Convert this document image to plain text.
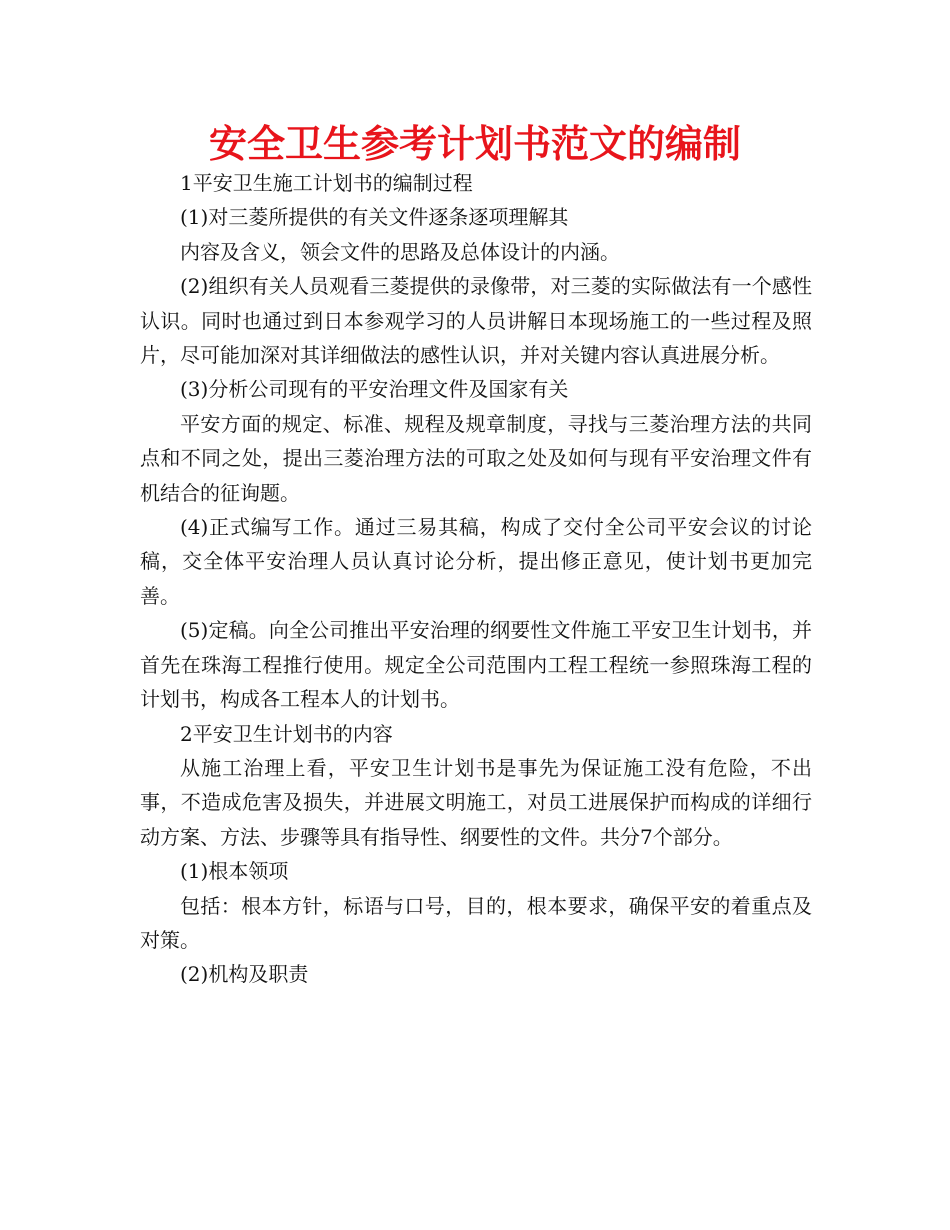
安全卫生参考计划书范文的编制

1平安卫生施工计划书的编制过程

(1)对三菱所提供的有关文件逐条逐项理解其

内容及含义，领会文件的思路及总体设计的内涵。

(2)组织有关人员观看三菱提供的录像带，对三菱的实际做法有一个感性认识。同时也通过到日本参观学习的人员讲解日本现场施工的一些过程及照片，尽可能加深对其详细做法的感性认识，并对关键内容认真进展分析。

(3)分析公司现有的平安治理文件及国家有关

平安方面的规定、标准、规程及规章制度，寻找与三菱治理方法的共同点和不同之处，提出三菱治理方法的可取之处及如何与现有平安治理文件有机结合的征询题。

(4)正式编写工作。通过三易其稿，构成了交付全公司平安会议的讨论稿，交全体平安治理人员认真讨论分析，提出修正意见，使计划书更加完善。

(5)定稿。向全公司推出平安治理的纲要性文件施工平安卫生计划书，并首先在珠海工程推行使用。规定全公司范围内工程工程统一参照珠海工程的计划书，构成各工程本人的计划书。

2平安卫生计划书的内容

从施工治理上看，平安卫生计划书是事先为保证施工没有危险，不出事，不造成危害及损失，并进展文明施工，对员工进展保护而构成的详细行动方案、方法、步骤等具有指导性、纲要性的文件。共分7个部分。

(1)根本领项

包括：根本方针，标语与口号，目的，根本要求，确保平安的着重点及对策。

(2)机构及职责
